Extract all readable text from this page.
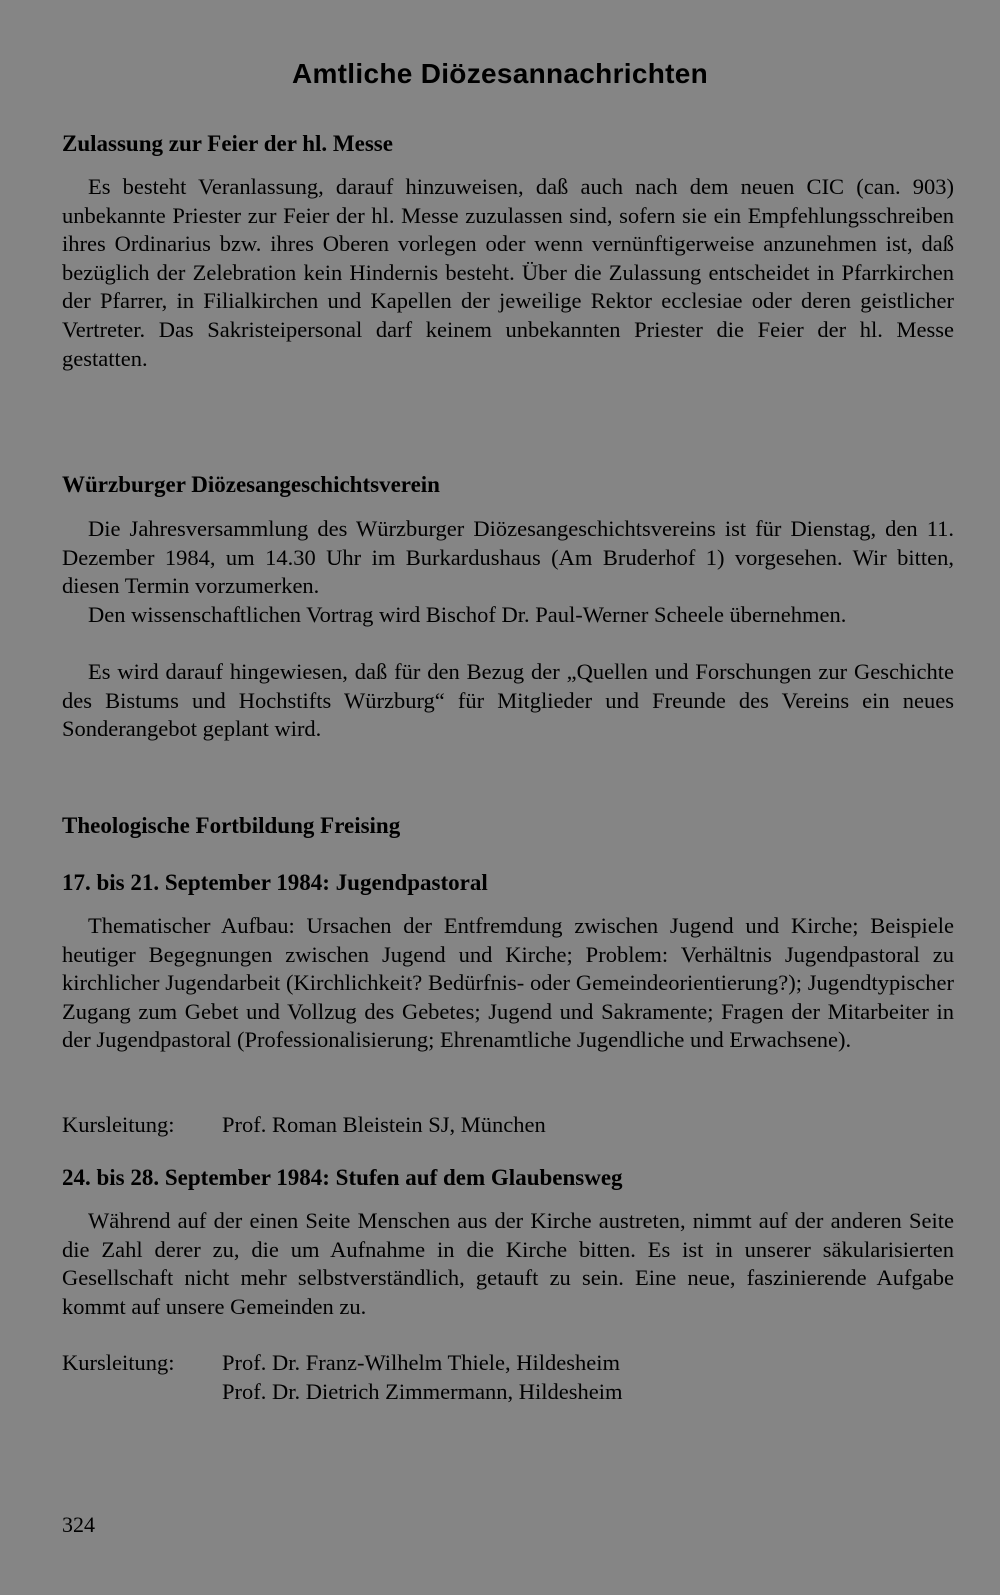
Amtliche Diözesannachrichten
Zulassung zur Feier der hl. Messe
Es besteht Veranlassung, darauf hinzuweisen, daß auch nach dem neuen CIC (can. 903) unbekannte Priester zur Feier der hl. Messe zuzulassen sind, sofern sie ein Empfehlungsschreiben ihres Ordinarius bzw. ihres Oberen vorlegen oder wenn vernünftigerweise anzunehmen ist, daß bezüglich der Zelebration kein Hindernis besteht. Über die Zulassung entscheidet in Pfarrkirchen der Pfarrer, in Filialkirchen und Kapellen der jeweilige Rektor ecclesiae oder deren geistlicher Vertreter. Das Sakristeipersonal darf keinem unbekannten Priester die Feier der hl. Messe gestatten.
Würzburger Diözesangeschichtsverein
Die Jahresversammlung des Würzburger Diözesangeschichtsvereins ist für Dienstag, den 11. Dezember 1984, um 14.30 Uhr im Burkardushaus (Am Bruderhof 1) vorgesehen. Wir bitten, diesen Termin vorzumerken.
Den wissenschaftlichen Vortrag wird Bischof Dr. Paul-Werner Scheele übernehmen.
Es wird darauf hingewiesen, daß für den Bezug der „Quellen und Forschungen zur Geschichte des Bistums und Hochstifts Würzburg“ für Mitglieder und Freunde des Vereins ein neues Sonderangebot geplant wird.
Theologische Fortbildung Freising
17. bis 21. September 1984: Jugendpastoral
Thematischer Aufbau: Ursachen der Entfremdung zwischen Jugend und Kirche; Beispiele heutiger Begegnungen zwischen Jugend und Kirche; Problem: Verhältnis Jugendpastoral zu kirchlicher Jugendarbeit (Kirchlichkeit? Bedürfnis- oder Gemeindeorientierung?); Jugendtypischer Zugang zum Gebet und Vollzug des Gebetes; Jugend und Sakramente; Fragen der Mitarbeiter in der Jugendpastoral (Professionalisierung; Ehrenamtliche Jugendliche und Erwachsene).
Kursleitung: Prof. Roman Bleistein SJ, München
24. bis 28. September 1984: Stufen auf dem Glaubensweg
Während auf der einen Seite Menschen aus der Kirche austreten, nimmt auf der anderen Seite die Zahl derer zu, die um Aufnahme in die Kirche bitten. Es ist in unserer säkularisierten Gesellschaft nicht mehr selbstverständlich, getauft zu sein. Eine neue, faszinierende Aufgabe kommt auf unsere Gemeinden zu.
Kursleitung: Prof. Dr. Franz-Wilhelm Thiele, Hildesheim
Prof. Dr. Dietrich Zimmermann, Hildesheim
324
